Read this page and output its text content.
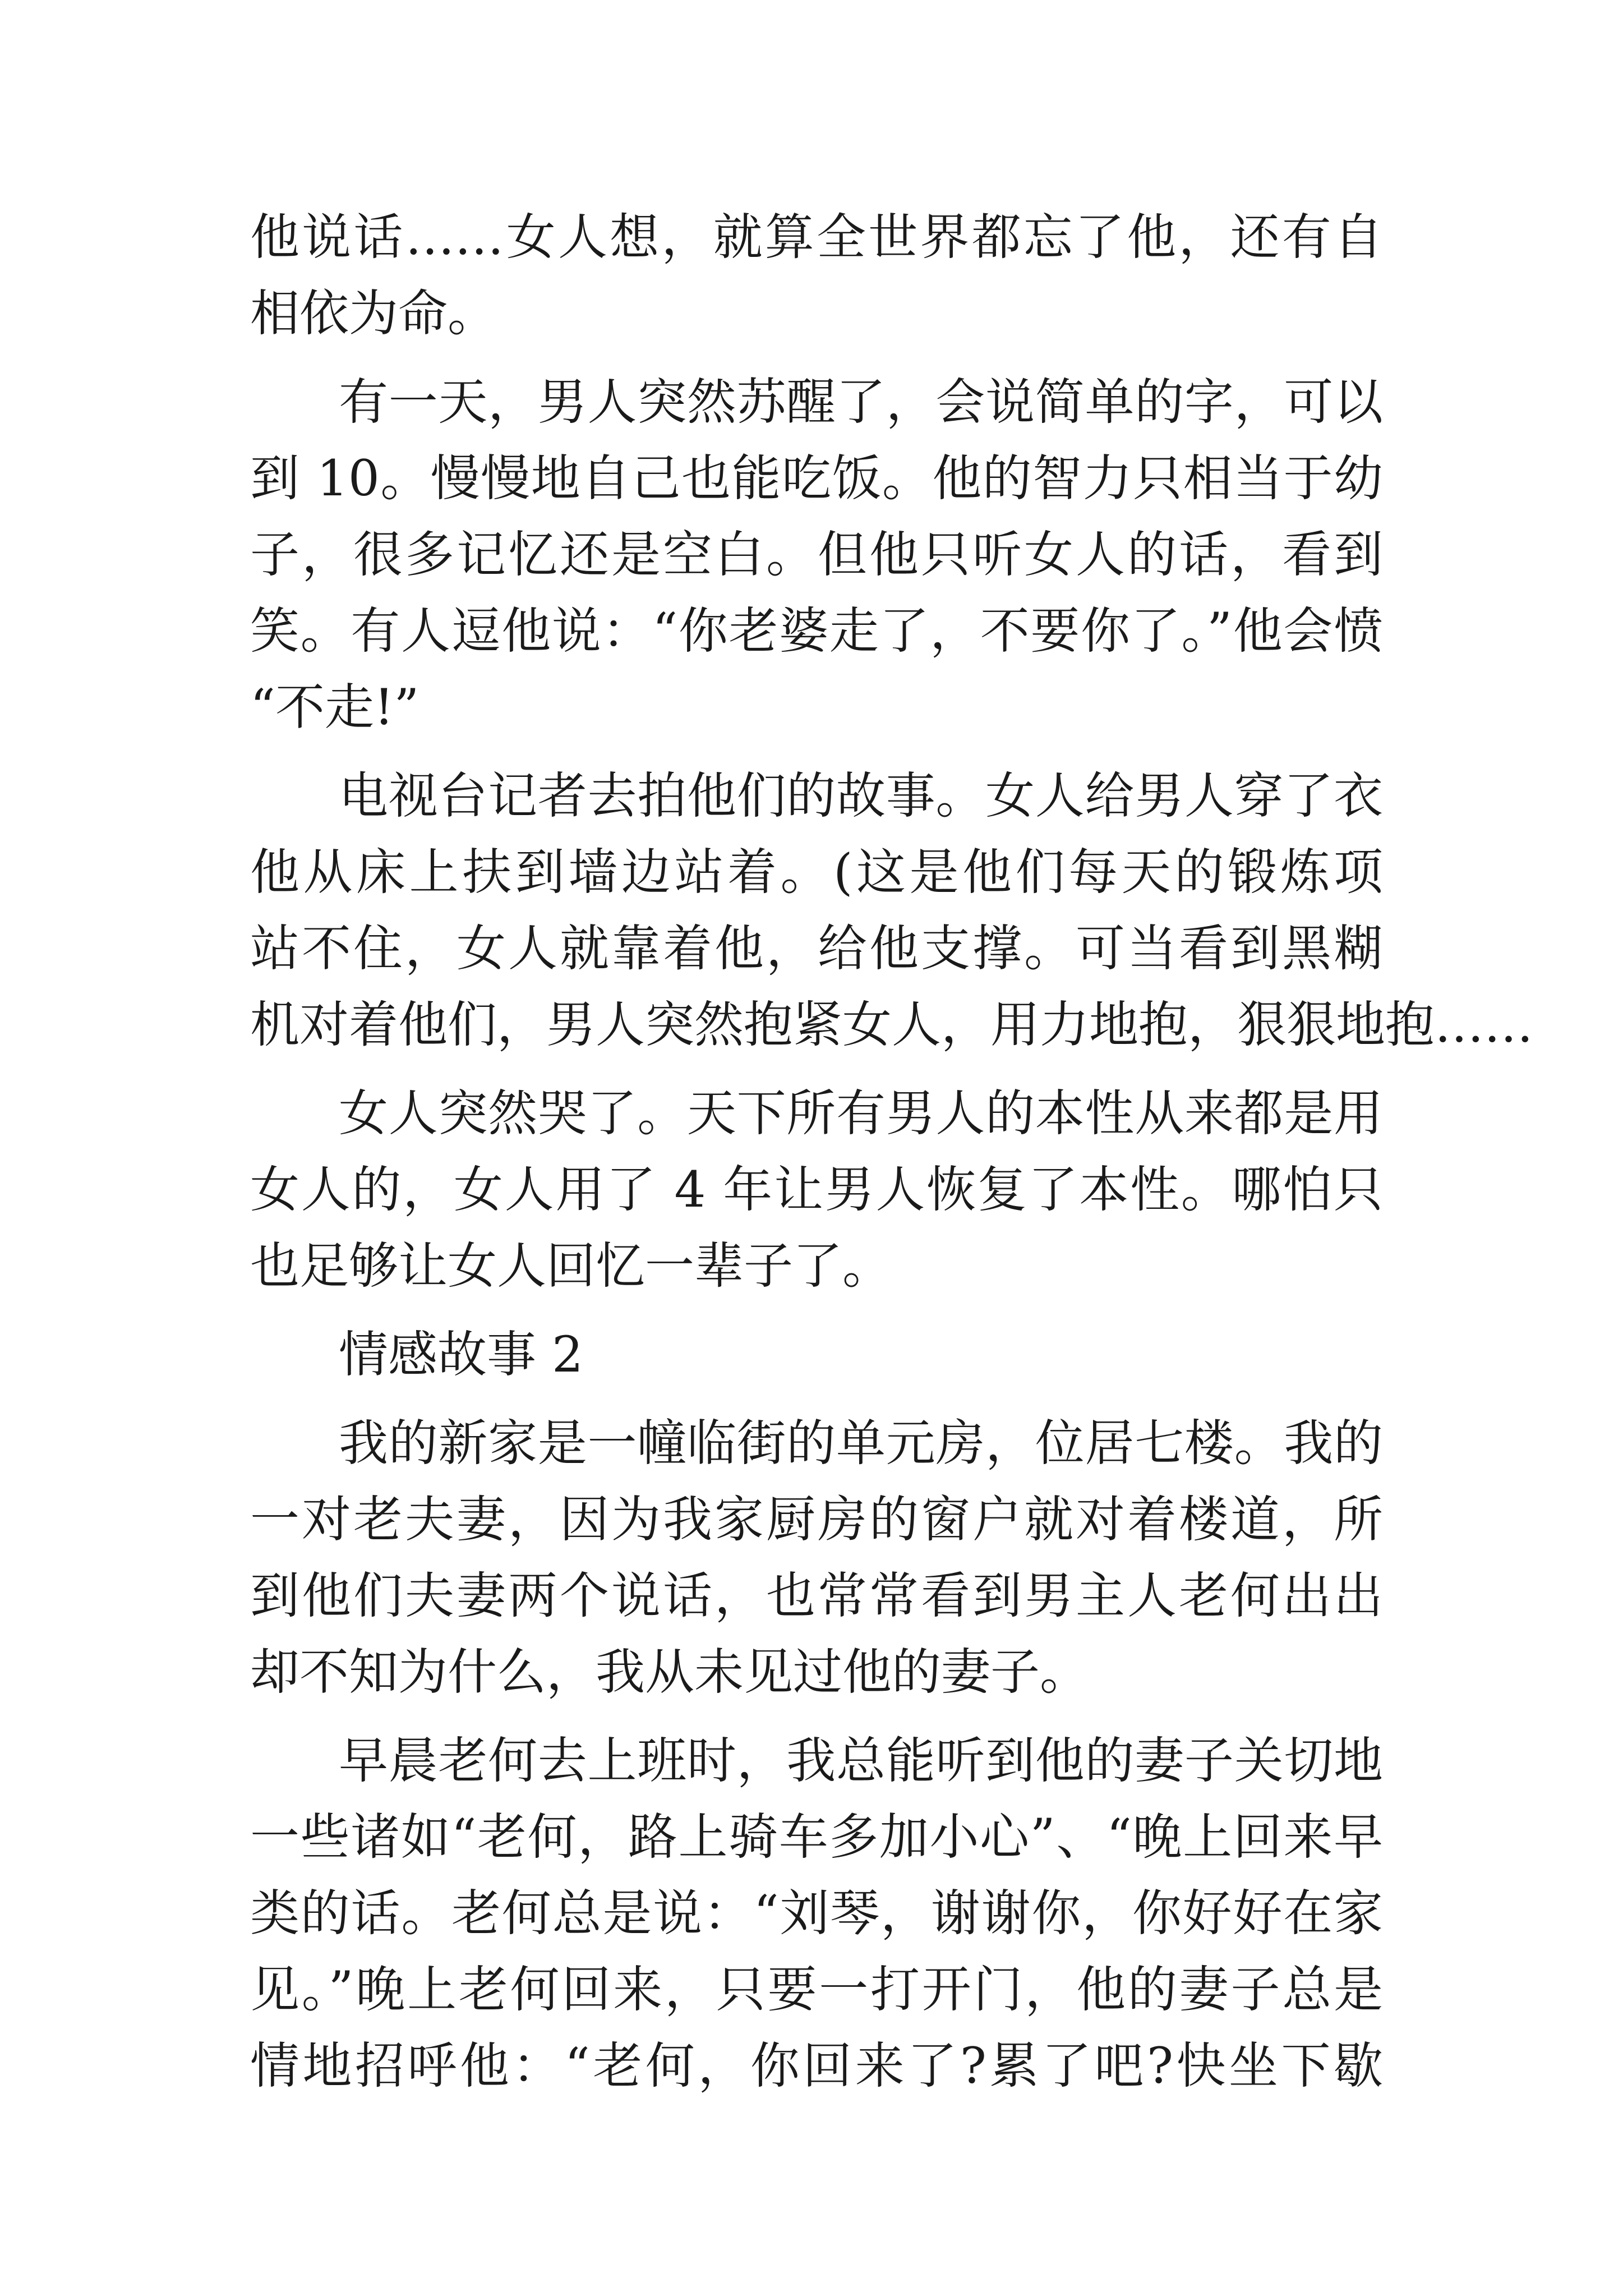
他说话……女人想，就算全世界都忘了他，还有自
相依为命。
有一天，男人突然苏醒了，会说简单的字，可以
到 10。慢慢地自己也能吃饭。他的智力只相当于幼
子，很多记忆还是空白。但他只听女人的话，看到
笑。有人逗他说：“你老婆走了，不要你了。”他会愤
“不走!”
电视台记者去拍他们的故事。女人给男人穿了衣
他从床上扶到墙边站着。(这是他们每天的锻炼项
站不住，女人就靠着他，给他支撑。可当看到黑糊
机对着他们，男人突然抱紧女人，用力地抱，狠狠地抱……
女人突然哭了。天下所有男人的本性从来都是用
女人的，女人用了 4 年让男人恢复了本性。哪怕只
也足够让女人回忆一辈子了。
情感故事 2
我的新家是一幢临街的单元房，位居七楼。我的
一对老夫妻，因为我家厨房的窗户就对着楼道，所
到他们夫妻两个说话，也常常看到男主人老何出出
却不知为什么，我从未见过他的妻子。
早晨老何去上班时，我总能听到他的妻子关切地
一些诸如“老何，路上骑车多加小心”、“晚上回来早
类的话。老何总是说：“刘琴，谢谢你，你好好在家
见。”晚上老何回来，只要一打开门，他的妻子总是
情地招呼他：“老何，你回来了?累了吧?快坐下歇
